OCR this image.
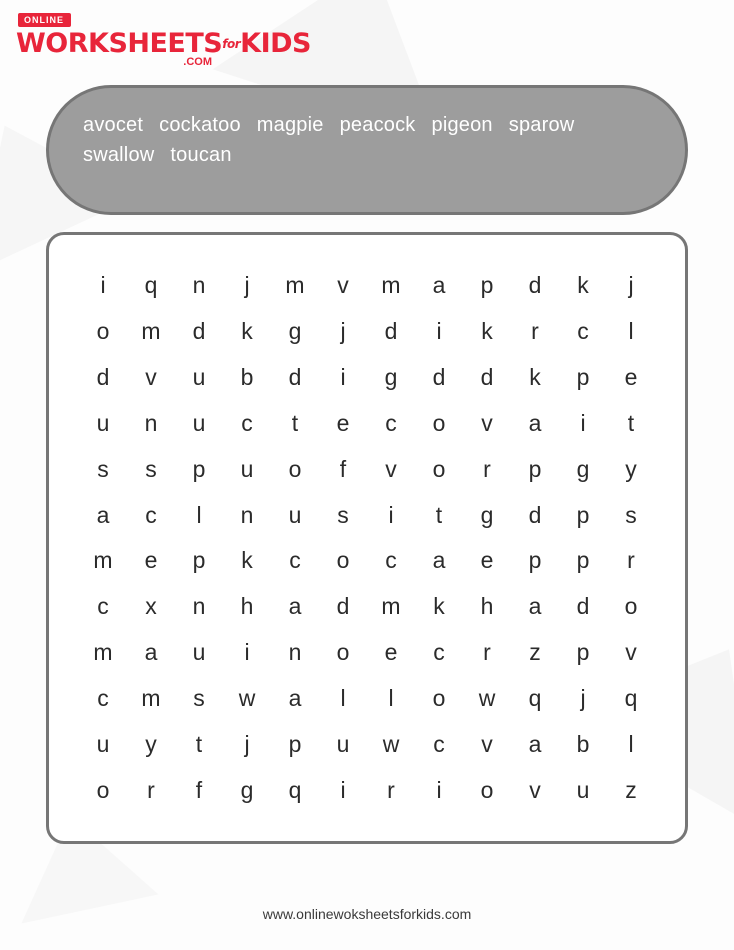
ONLINE
WORKSHEETSforKIDS
.COM
avocet cockatoo magpie peacock pigeon sparowswallow toucan
i	q	n	j	m	v	m	a	p	d	k	j
o	m	d	k	g	j	d	i	k	r	c	l
d	v	u	b	d	i	g	d	d	k	p	e
u	n	u	c	t	e	c	o	v	a	i	t
s	s	p	u	o	f	v	o	r	p	g	y
a	c	l	n	u	s	i	t	g	d	p	s
m	e	p	k	c	o	c	a	e	p	p	r
c	x	n	h	a	d	m	k	h	a	d	o
m	a	u	i	n	o	e	c	r	z	p	v
c	m	s	w	a	l	l	o	w	q	j	q
u	y	t	j	p	u	w	c	v	a	b	l
o	r	f	g	q	i	r	i	o	v	u	z
www.onlinewoksheetsforkids.com
